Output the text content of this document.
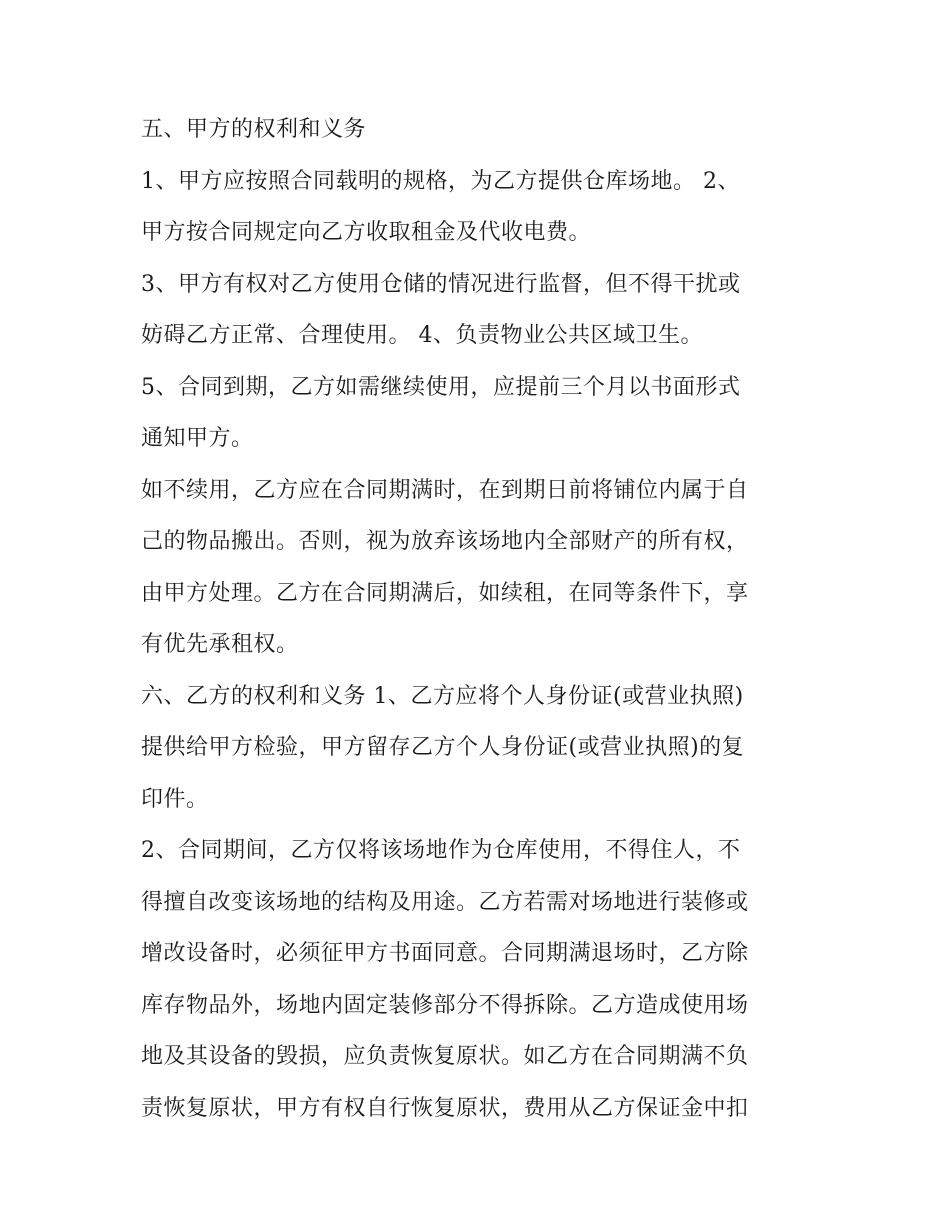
五、甲方的权利和义务
1、甲方应按照合同载明的规格，为乙方提供仓库场地。 2、
甲方按合同规定向乙方收取租金及代收电费。
3、甲方有权对乙方使用仓储的情况进行监督，但不得干扰或
妨碍乙方正常、合理使用。 4、负责物业公共区域卫生。
5、合同到期，乙方如需继续使用，应提前三个月以书面形式
通知甲方。
如不续用，乙方应在合同期满时，在到期日前将铺位内属于自
己的物品搬出。否则，视为放弃该场地内全部财产的所有权，
由甲方处理。乙方在合同期满后，如续租，在同等条件下，享
有优先承租权。
六、乙方的权利和义务 1、乙方应将个人身份证(或营业执照)
提供给甲方检验，甲方留存乙方个人身份证(或营业执照)的复
印件。
2、合同期间，乙方仅将该场地作为仓库使用，不得住人，不
得擅自改变该场地的结构及用途。乙方若需对场地进行装修或
增改设备时，必须征甲方书面同意。合同期满退场时，乙方除
库存物品外，场地内固定装修部分不得拆除。乙方造成使用场
地及其设备的毁损，应负责恢复原状。如乙方在合同期满不负
责恢复原状，甲方有权自行恢复原状，费用从乙方保证金中扣
